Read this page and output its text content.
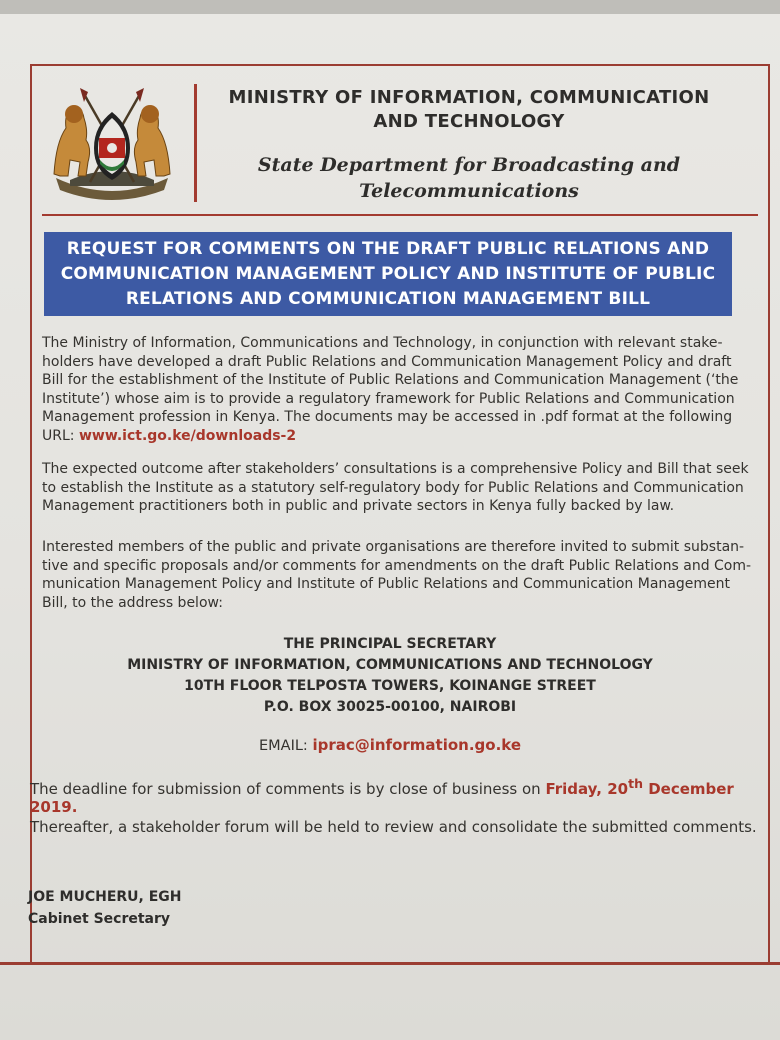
MINISTRY OF INFORMATION, COMMUNICATION AND TECHNOLOGY
State Department for Broadcasting and Telecommunications
REQUEST FOR COMMENTS ON THE DRAFT PUBLIC RELATIONS AND COMMUNICATION MANAGEMENT POLICY AND INSTITUTE OF PUBLIC RELATIONS AND COMMUNICATION MANAGEMENT BILL

The Ministry of Information, Communications and Technology, in conjunction with relevant stakeholders have developed a draft Public Relations and Communication Management Policy and draft Bill for the establishment of the Institute of Public Relations and Communication Management (‘the Institute’) whose aim is to provide a regulatory framework for Public Relations and Communication Management profession in Kenya. The documents may be accessed in .pdf format at the following URL: www.ict.go.ke/downloads-2

The expected outcome after stakeholders’ consultations is a comprehensive Policy and Bill that seek to establish the Institute as a statutory self-regulatory body for Public Relations and Communication Management practitioners both in public and private sectors in Kenya fully backed by law.

Interested members of the public and private organisations are therefore invited to submit substantive and specific proposals and/or comments for amendments on the draft Public Relations and Communication Management Policy and Institute of Public Relations and Communication Management Bill, to the address below:

THE PRINCIPAL SECRETARY
MINISTRY OF INFORMATION, COMMUNICATIONS AND TECHNOLOGY
10TH FLOOR TELPOSTA TOWERS, KOINANGE STREET
P.O. BOX 30025-00100, NAIROBI
EMAIL: iprac@information.go.ke

The deadline for submission of comments is by close of business on Friday, 20th December 2019.

Thereafter, a stakeholder forum will be held to review and consolidate the submitted comments.

JOE MUCHERU, EGH
Cabinet Secretary
